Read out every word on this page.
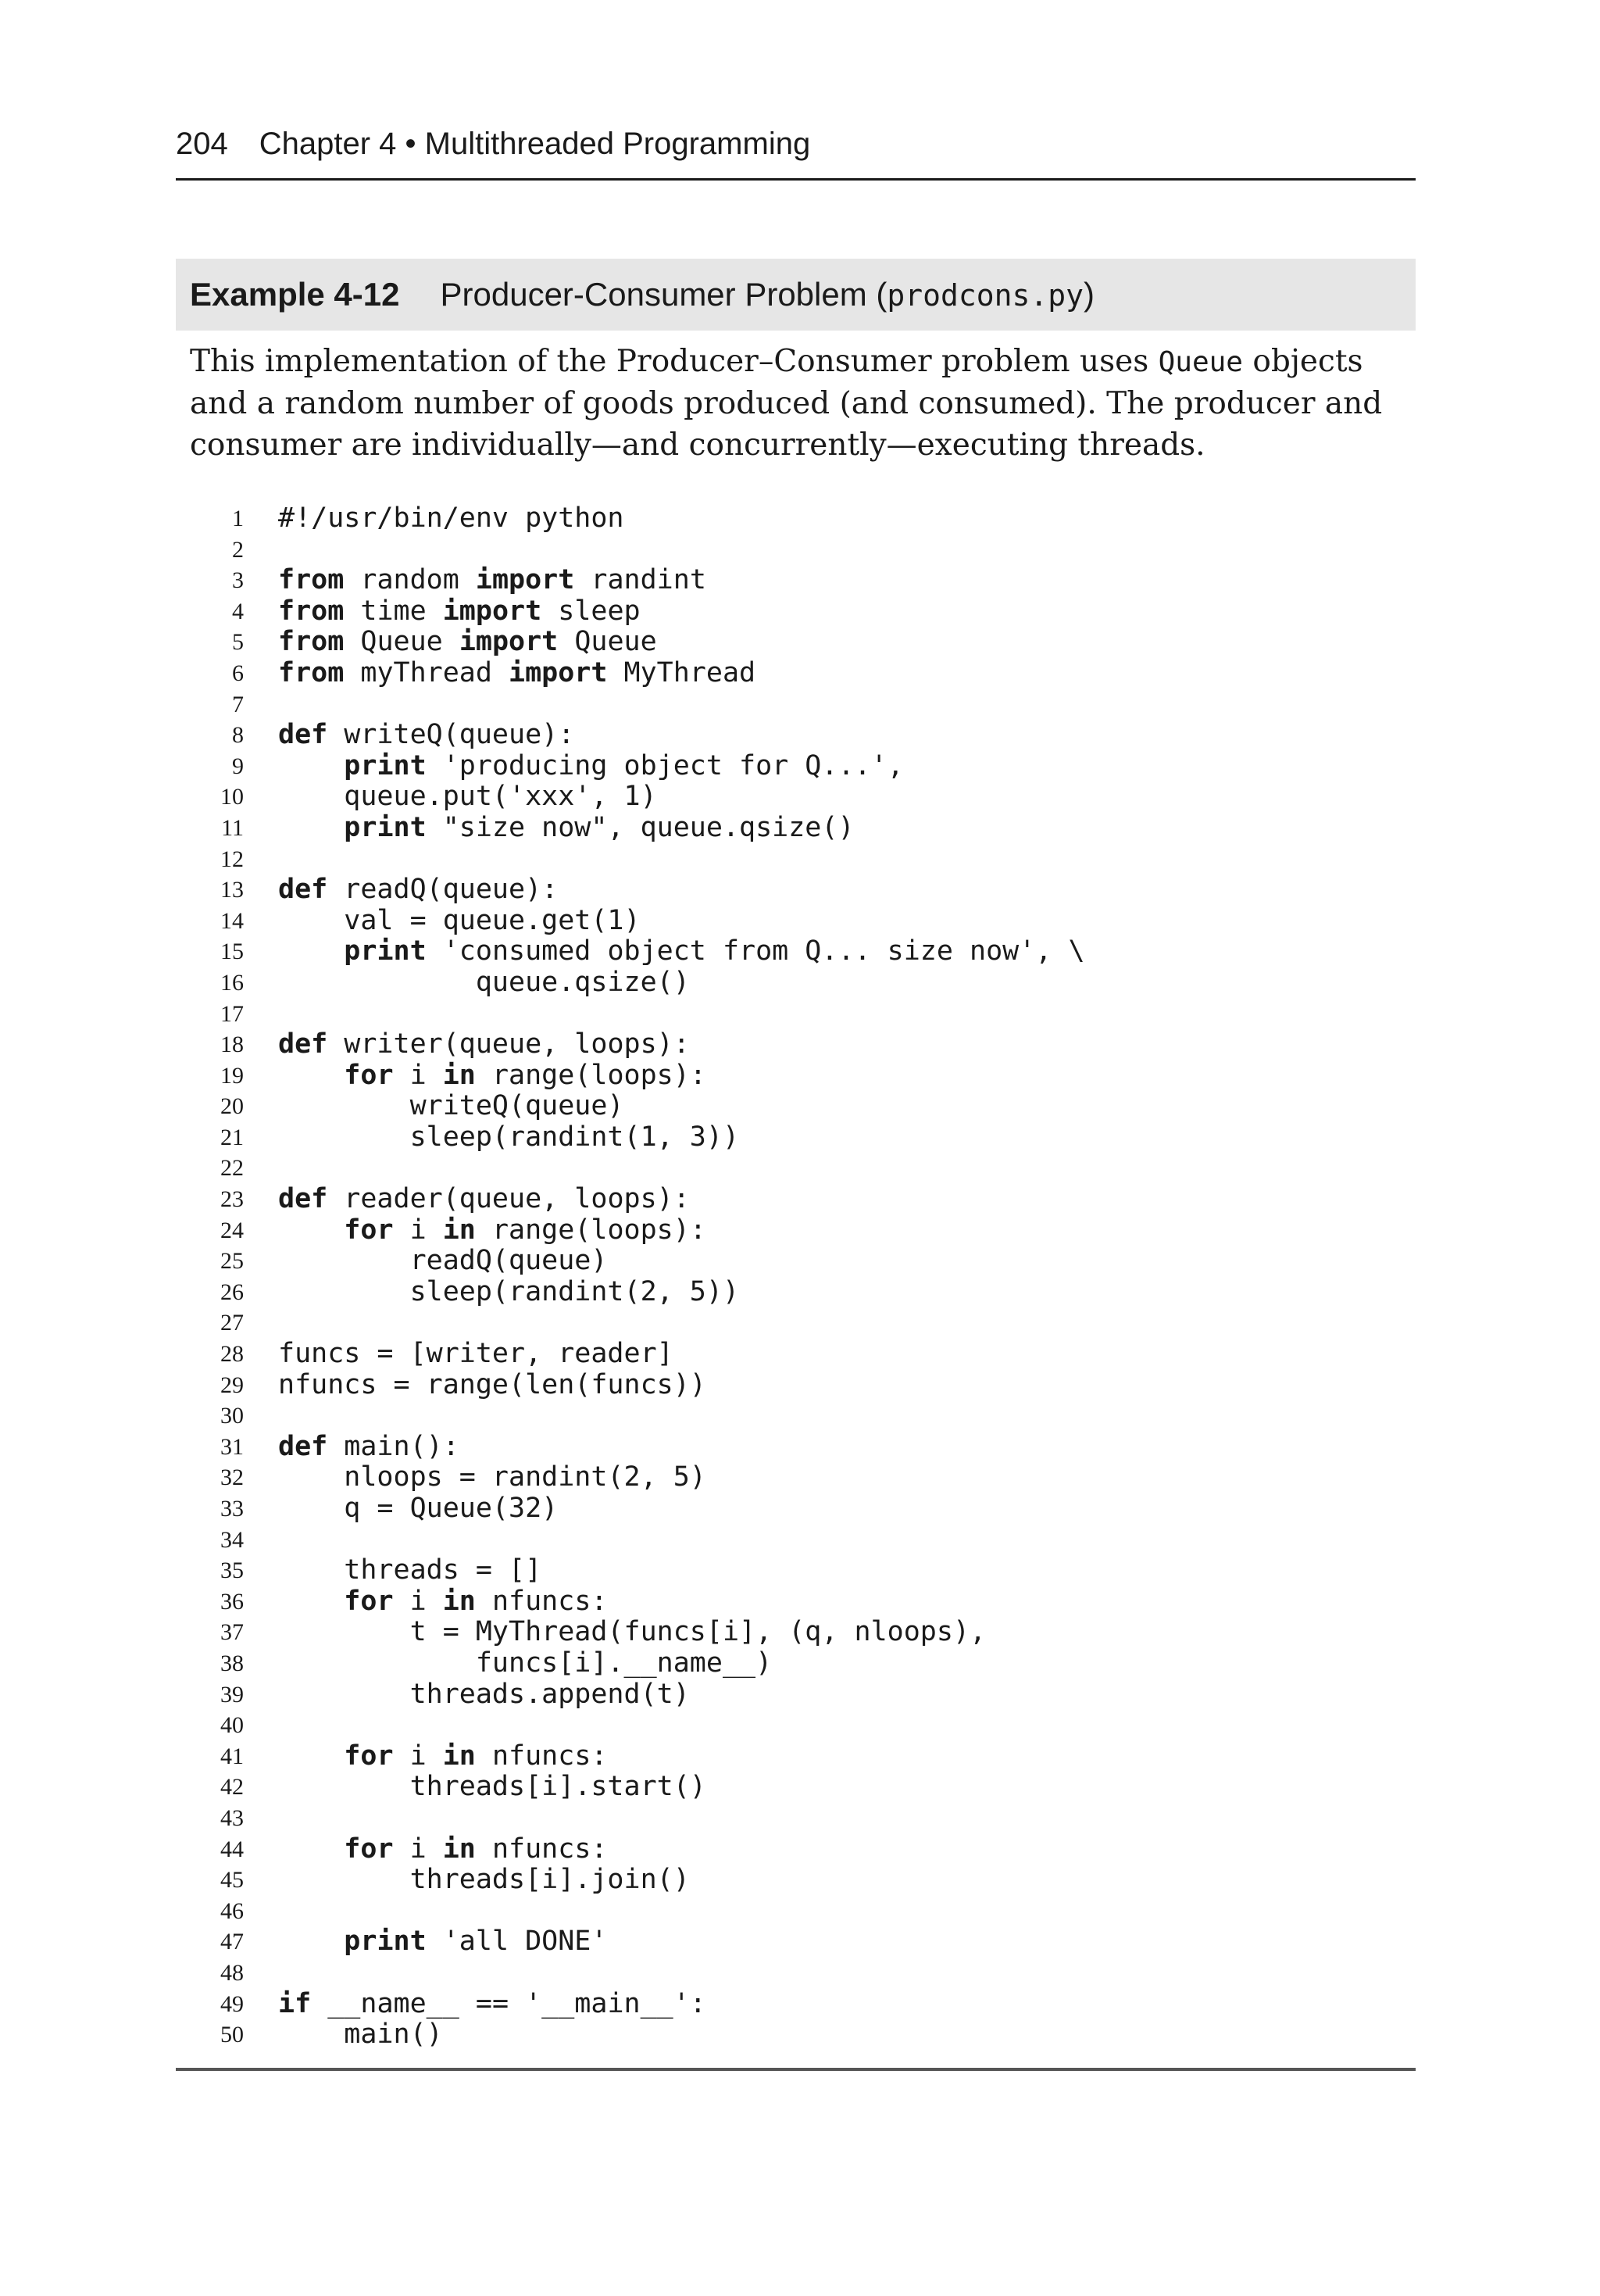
204 Chapter 4 • Multithreaded Programming
Example 4-12 Producer-Consumer Problem (prodcons.py)
This implementation of the Producer–Consumer problem uses Queue objects and a random number of goods produced (and consumed). The producer and consumer are individually—and concurrently—executing threads.
1 #!/usr/bin/env python
2
3 from random import randint
4 from time import sleep
5 from Queue import Queue
6 from myThread import MyThread
7
8 def writeQ(queue):
9	print 'producing object for Q...',
10 queue.put('xxx', 1)
11	print "size now", queue.qsize()
12
13 def readQ(queue):
14 val = queue.get(1)
15	print 'consumed object from Q... size now', \
16 queue.qsize()
17
18 def writer(queue, loops):
19	for i in range(loops):
20 writeQ(queue)
21 sleep(randint(1, 3))
22
23 def reader(queue, loops):
24	for i in range(loops):
25 readQ(queue)
26 sleep(randint(2, 5))
27
28 funcs = [writer, reader]
29 nfuncs = range(len(funcs))
30
31 def main():
32 nloops = randint(2, 5)
33 q = Queue(32)
34
35 threads = []
36	for i in nfuncs:
37 t = MyThread(funcs[i], (q, nloops),
38 funcs[i].__name__)
39 threads.append(t)
40
41	for i in nfuncs:
42 threads[i].start()
43
44	for i in nfuncs:
45 threads[i].join()
46
47	print 'all DONE'
48
49 if __name__ == '__main__':
50 main()
